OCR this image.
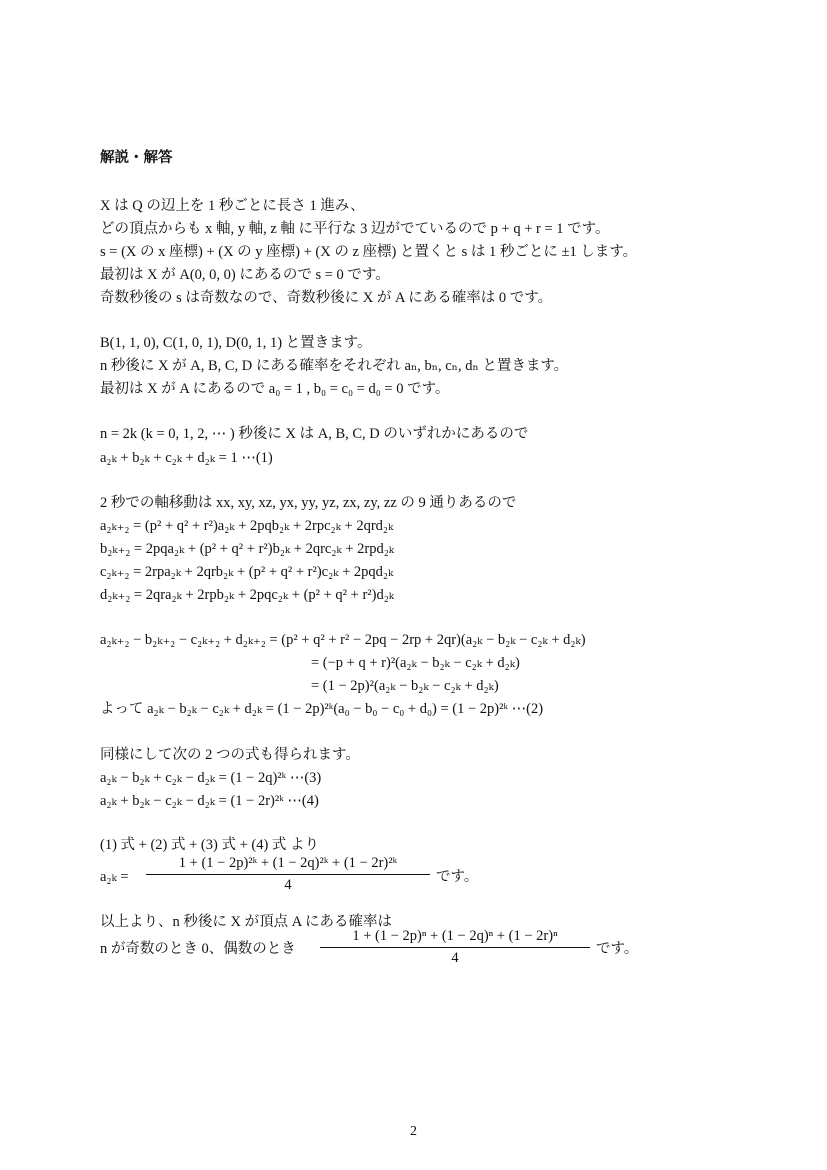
解説・解答
X は Q の辺上を 1 秒ごとに長さ 1 進み、
どの頂点からも x 軸, y 軸, z 軸 に平行な 3 辺がでているので p + q + r = 1 です。
s = (X の x 座標) + (X の y 座標) + (X の z 座標) と置くと s は 1 秒ごとに ±1 します。
最初は X が A(0, 0, 0) にあるので s = 0 です。
奇数秒後の s は奇数なので、奇数秒後に X が A にある確率は 0 です。
B(1, 1, 0), C(1, 0, 1), D(0, 1, 1) と置きます。
n 秒後に X が A, B, C, D にある確率をそれぞれ aₙ, bₙ, cₙ, dₙ と置きます。
最初は X が A にあるので a₀ = 1 , b₀ = c₀ = d₀ = 0 です。
n = 2k (k = 0, 1, 2, ⋯ ) 秒後に X は A, B, C, D のいずれかにあるので
a₂ₖ + b₂ₖ + c₂ₖ + d₂ₖ = 1 ⋯(1)
2 秒での軸移動は xx, xy, xz, yx, yy, yz, zx, zy, zz の 9 通りあるので
a₂ₖ₊₂ = (p² + q² + r²)a₂ₖ + 2pqb₂ₖ + 2rpc₂ₖ + 2qrd₂ₖ
b₂ₖ₊₂ = 2pqa₂ₖ + (p² + q² + r²)b₂ₖ + 2qrc₂ₖ + 2rpd₂ₖ
c₂ₖ₊₂ = 2rpa₂ₖ + 2qrb₂ₖ + (p² + q² + r²)c₂ₖ + 2pqd₂ₖ
d₂ₖ₊₂ = 2qra₂ₖ + 2rpb₂ₖ + 2pqc₂ₖ + (p² + q² + r²)d₂ₖ
a₂ₖ₊₂ − b₂ₖ₊₂ − c₂ₖ₊₂ + d₂ₖ₊₂ = (p² + q² + r² − 2pq − 2rp + 2qr)(a₂ₖ − b₂ₖ − c₂ₖ + d₂ₖ)
= (−p + q + r)²(a₂ₖ − b₂ₖ − c₂ₖ + d₂ₖ)
= (1 − 2p)²(a₂ₖ − b₂ₖ − c₂ₖ + d₂ₖ)
よって a₂ₖ − b₂ₖ − c₂ₖ + d₂ₖ = (1 − 2p)²ᵏ(a₀ − b₀ − c₀ + d₀) = (1 − 2p)²ᵏ ⋯(2)
同様にして次の 2 つの式も得られます。
a₂ₖ − b₂ₖ + c₂ₖ − d₂ₖ = (1 − 2q)²ᵏ ⋯(3)
a₂ₖ + b₂ₖ − c₂ₖ − d₂ₖ = (1 − 2r)²ᵏ ⋯(4)
(1) 式 + (2) 式 + (3) 式 + (4) 式 より
a₂ₖ =
1 + (1 − 2p)²ᵏ + (1 − 2q)²ᵏ + (1 − 2r)²ᵏ
4	です。
以上より、n 秒後に X が頂点 A にある確率は
n が奇数のとき 0、偶数のとき
1 + (1 − 2p)ⁿ + (1 − 2q)ⁿ + (1 − 2r)ⁿ
4
です。
2
